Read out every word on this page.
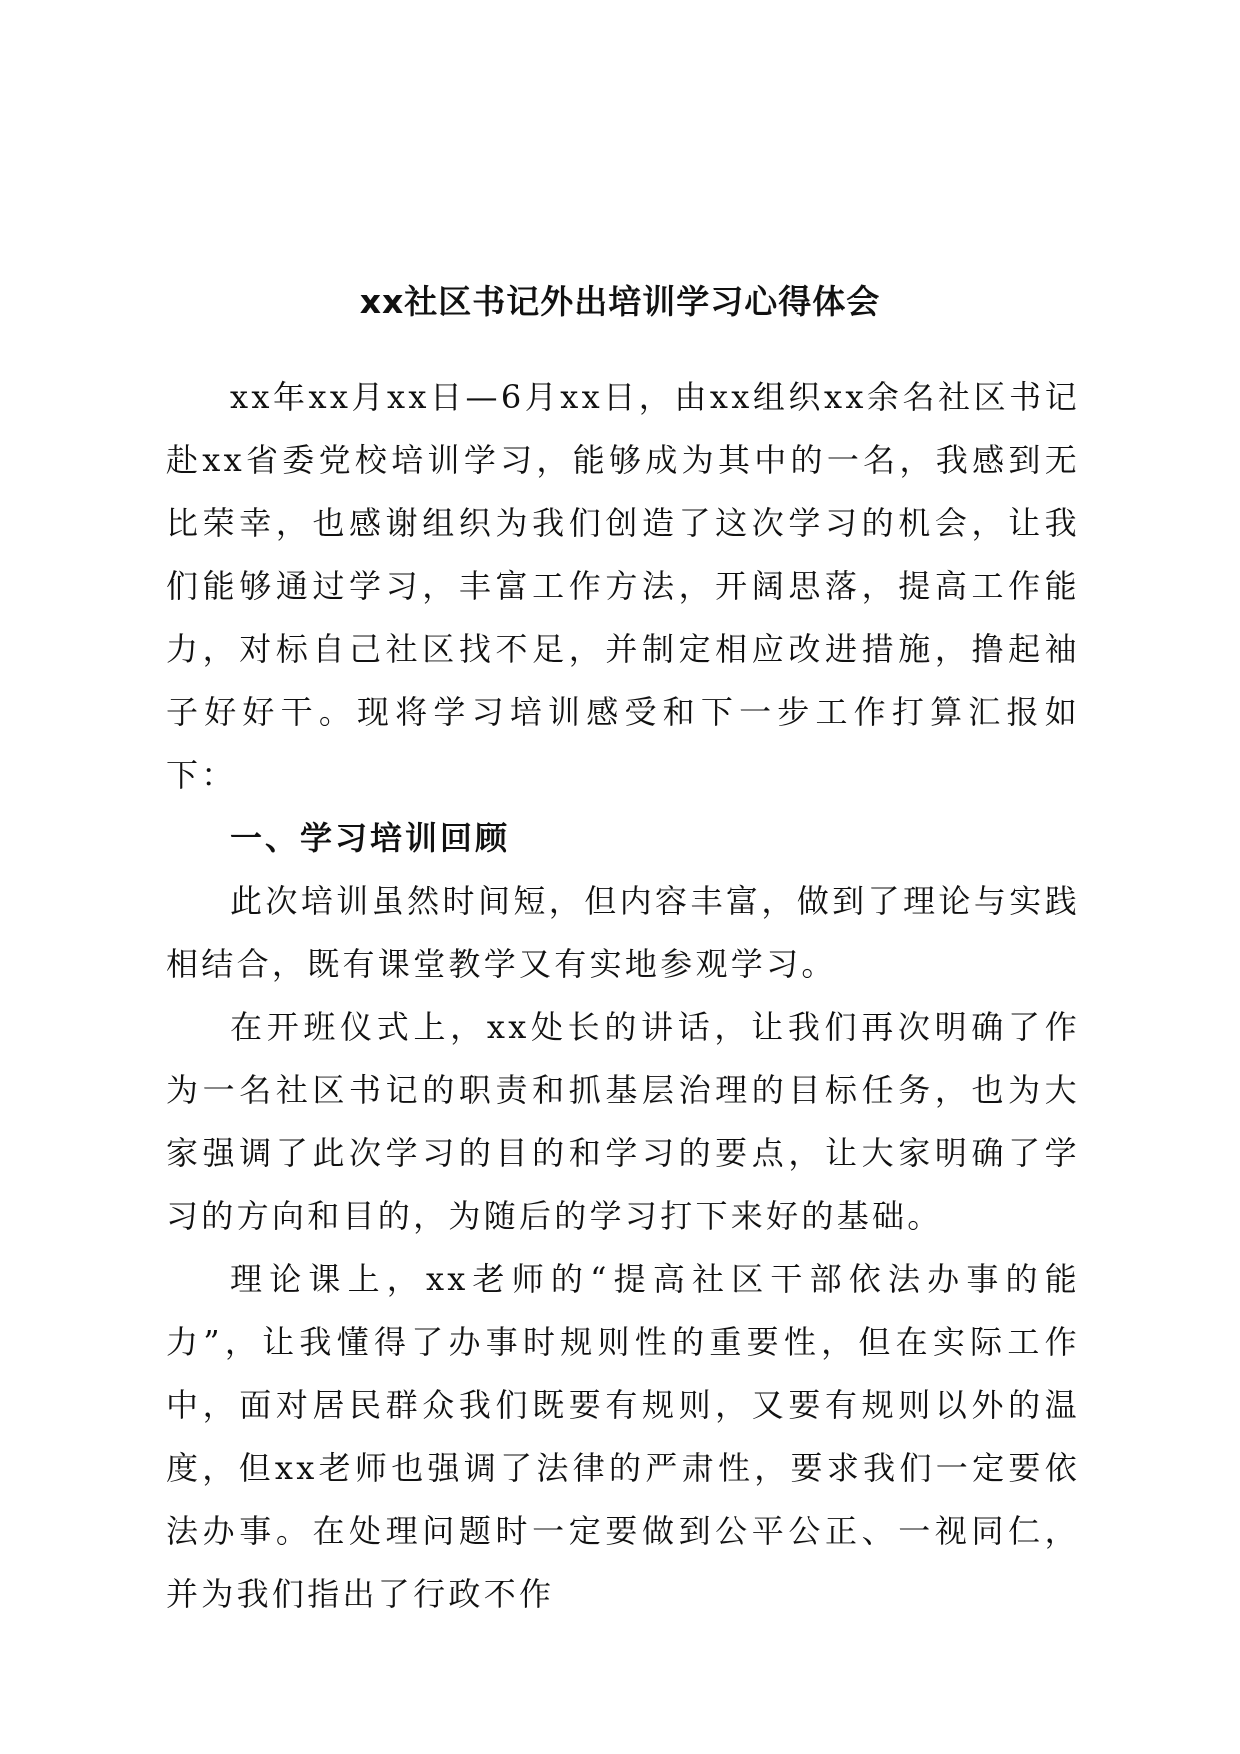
xx社区书记外出培训学习心得体会

xx年xx月xx日—6月xx日，由xx组织xx余名社区书记赴xx省委党校培训学习，能够成为其中的一名，我感到无比荣幸，也感谢组织为我们创造了这次学习的机会，让我们能够通过学习，丰富工作方法，开阔思落，提高工作能力，对标自己社区找不足，并制定相应改进措施，撸起袖子好好干。现将学习培训感受和下一步工作打算汇报如下：

一、学习培训回顾

此次培训虽然时间短，但内容丰富，做到了理论与实践相结合，既有课堂教学又有实地参观学习。

在开班仪式上，xx处长的讲话，让我们再次明确了作为一名社区书记的职责和抓基层治理的目标任务，也为大家强调了此次学习的目的和学习的要点，让大家明确了学习的方向和目的，为随后的学习打下来好的基础。

理论课上，xx老师的“提高社区干部依法办事的能力”，让我懂得了办事时规则性的重要性，但在实际工作中，面对居民群众我们既要有规则，又要有规则以外的温度，但xx老师也强调了法律的严肃性，要求我们一定要依法办事。在处理问题时一定要做到公平公正、一视同仁，并为我们指出了行政不作
